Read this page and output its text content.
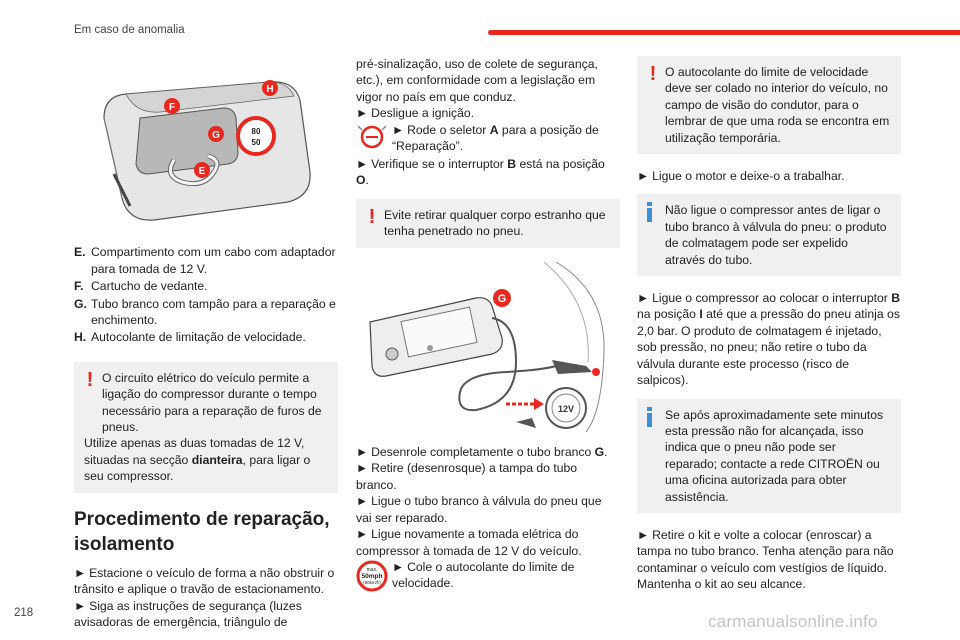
Em caso de anomalia
80
50
F
H
G
E
E. Compartimento com um cabo com adaptador para tomada de 12 V.
F. Cartucho de vedante.
G. Tubo branco com tampão para a reparação e enchimento.
H. Autocolante de limitação de velocidade.
! O circuito elétrico do veículo permite a ligação do compressor durante o tempo necessário para a reparação de furos de pneus.

Utilize apenas as duas tomadas de 12 V, situadas na secção dianteira, para ligar o seu compressor.

Procedimento de reparação, isolamento

► Estacione o veículo de forma a não obstruir o trânsito e aplique o travão de estacionamento.

► Siga as instruções de segurança (luzes avisadoras de emergência, triângulo de

pré-sinalização, uso de colete de segurança, etc.), em conformidade com a legislação em vigor no país em que conduz.

► Desligue a ignição.

► Rode o seletor A para a posição de “Reparação”.

► Verifique se o interruptor B está na posição O.

! Evite retirar qualquer corpo estranho que tenha penetrado no pneu.

G
12V

► Desenrole completamente o tubo branco G.

► Retire (desenrosque) a tampa do tubo branco.

► Ligue o tubo branco à válvula do pneu que vai ser reparado.

► Ligue novamente a tomada elétrica do compressor à tomada de 12 V do veículo.

max.
50mph
(80km/h)

► Cole o autocolante do limite de velocidade.

! O autocolante do limite de velocidade deve ser colado no interior do veículo, no campo de visão do condutor, para o lembrar de que uma roda se encontra em utilização temporária.

► Ligue o motor e deixe-o a trabalhar.

Não ligue o compressor antes de ligar o tubo branco à válvula do pneu: o produto de colmatagem pode ser expelido através do tubo.

► Ligue o compressor ao colocar o interruptor B na posição I até que a pressão do pneu atinja os 2,0 bar. O produto de colmatagem é injetado, sob pressão, no pneu; não retire o tubo da válvula durante este processo (risco de salpicos).

Se após aproximadamente sete minutos esta pressão não for alcançada, isso indica que o pneu não pode ser reparado; contacte a rede CITROËN ou uma oficina autorizada para obter assistência.

► Retire o kit e volte a colocar (enroscar) a tampa no tubo branco. Tenha atenção para não contaminar o veículo com vestígios de líquido. Mantenha o kit ao seu alcance.

218	carmanualsonline.info
